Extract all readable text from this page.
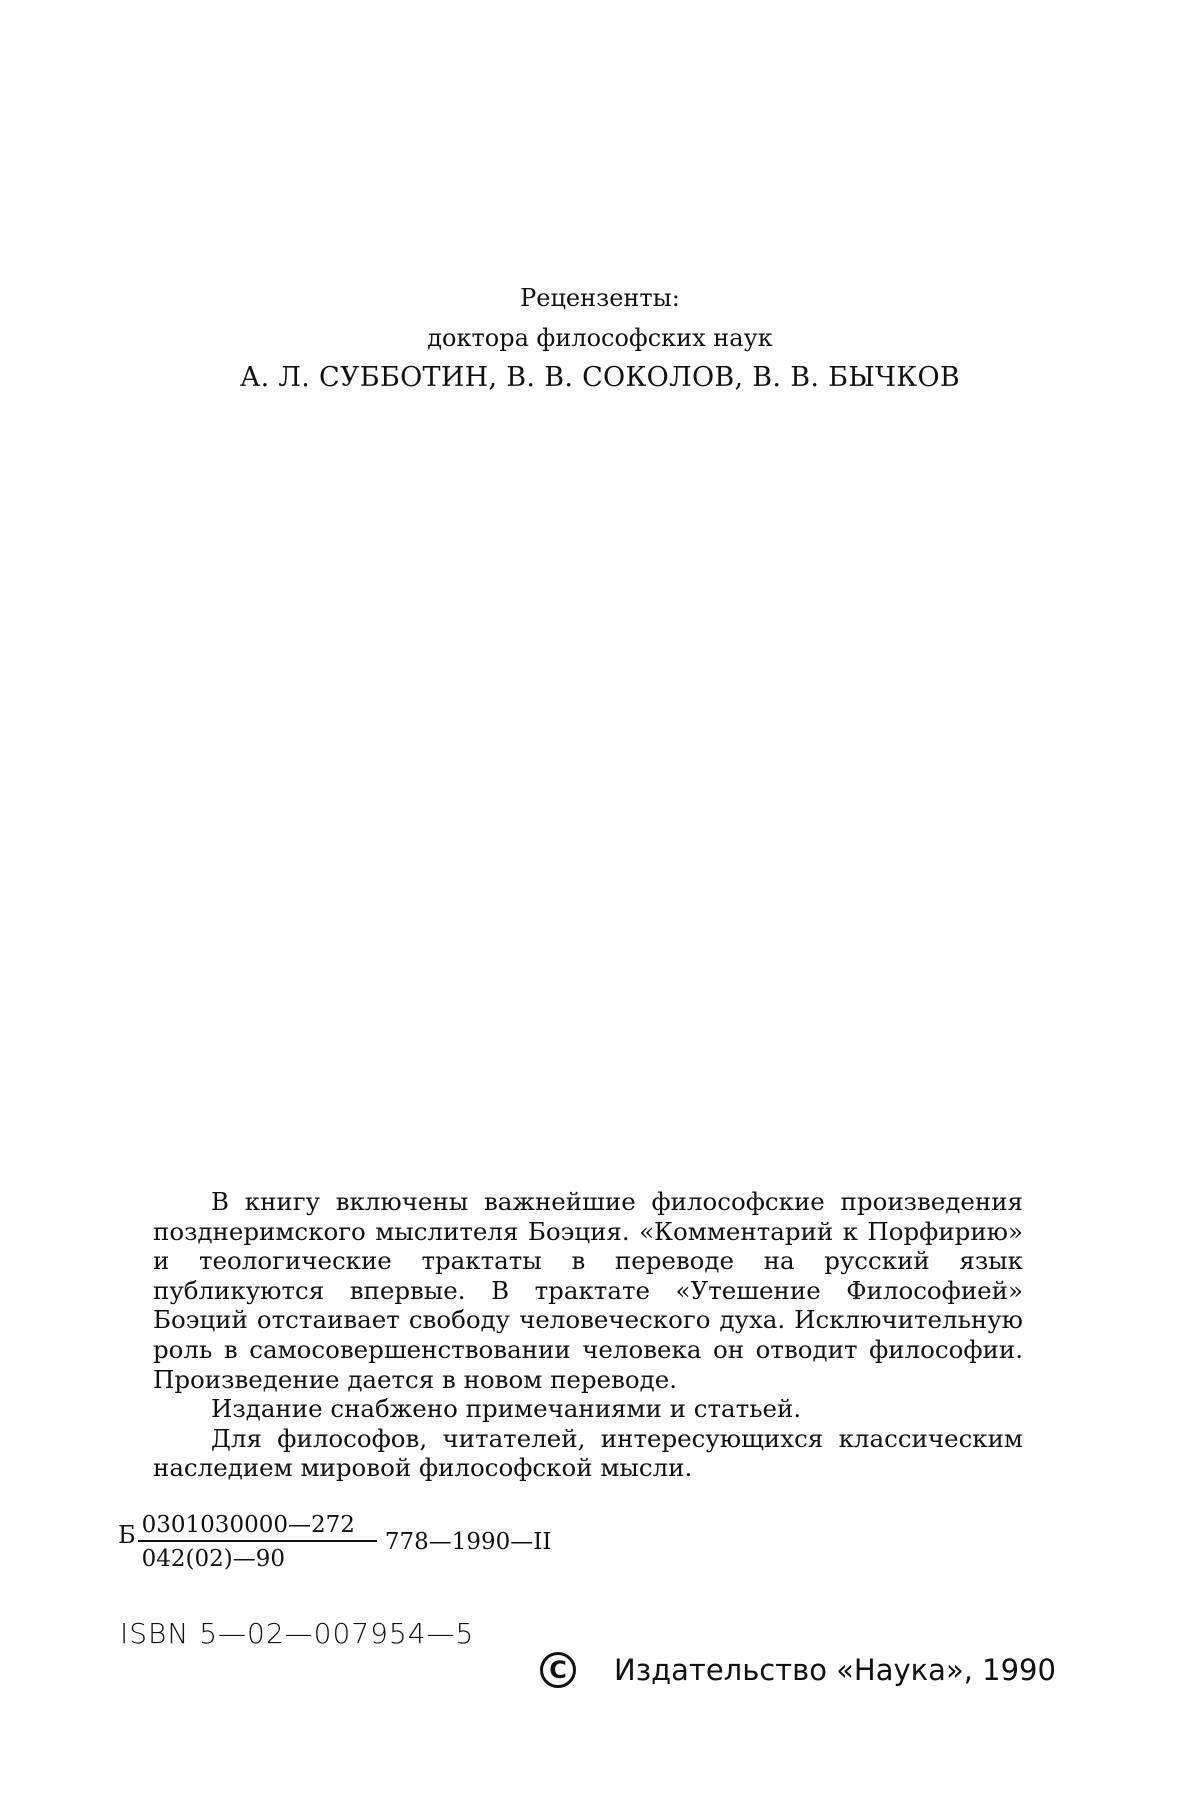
Рецензенты:
доктора философских наук
А. Л. СУББОТИН, В. В. СОКОЛОВ, В. В. БЫЧКОВ

В книгу включены важнейшие философские произведения позднеримского мыслителя Боэция. «Комментарий к Порфирию» и теологические трактаты в переводе на русский язык публикуются впервые. В трактате «Утешение Философией» Боэций отстаивает свободу человеческого духа. Исключительную роль в самосовершенствовании человека он отводит философии. Произведение дается в новом переводе.

Издание снабжено примечаниями и статьей.

Для философов, читателей, интересующихся классическим наследием мировой философской мысли.

Б $\frac{0301030000—272}{042(02)—90}$ 778—1990—II
ISBN 5—02—007954—5
C	Издательство «Наука», 1990
